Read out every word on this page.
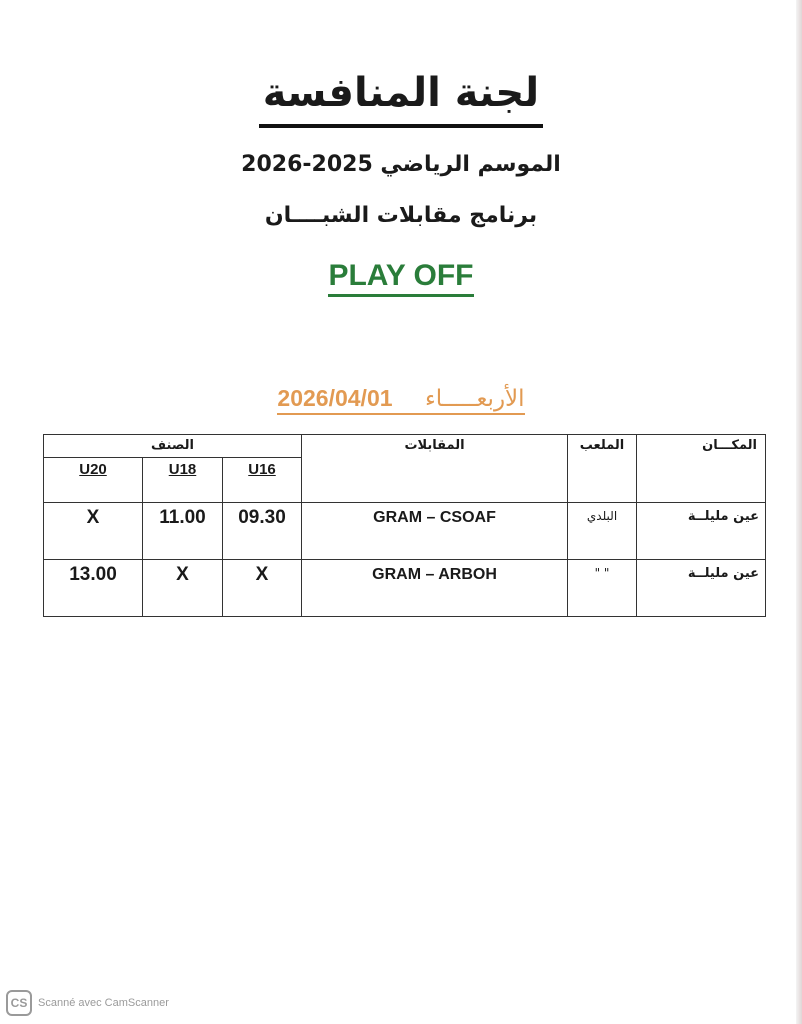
لجنة المنافسة
الموسم الرياضي 2025-2026
برنامج مقابلات الشبــــان
PLAY OFF
2026/04/01 الأربعـــــاء
الصنف			المقابلات	الملعب	المكـــان

U20	U18	U16			

X	11.00	09.30	GRAM – CSOAF	البلدي	عين مليلــة

13.00	X	X	GRAM – ARBOH	" "	عين مليلــة
CS Scanné avec CamScanner
